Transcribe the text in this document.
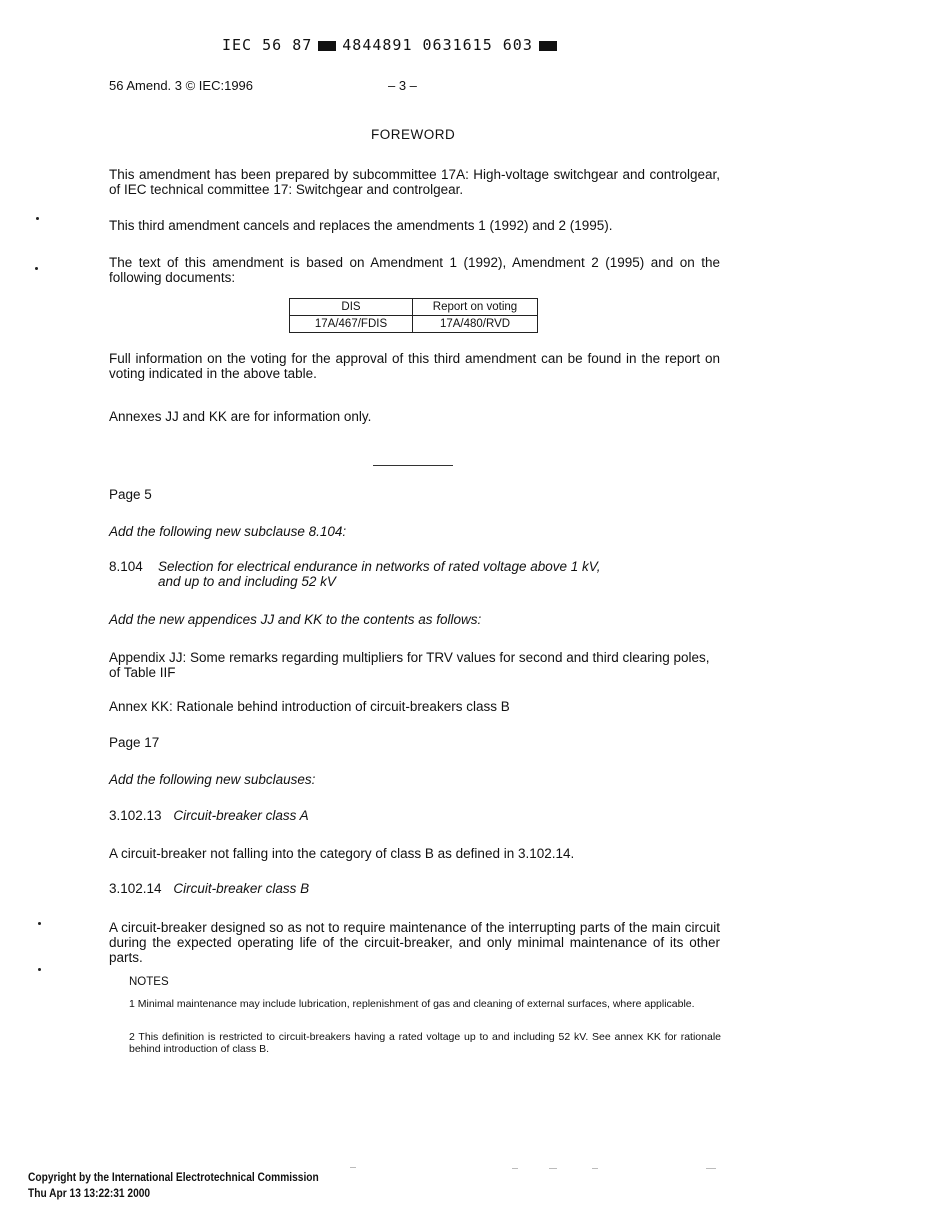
IEC 56 87 4844891 0631615 603
56 Amend. 3 © IEC:1996	– 3 –
FOREWORD
This amendment has been prepared by subcommittee 17A: High-voltage switchgear and controlgear, of IEC technical committee 17: Switchgear and controlgear.
This third amendment cancels and replaces the amendments 1 (1992) and 2 (1995).
The text of this amendment is based on Amendment 1 (1992), Amendment 2 (1995) and on the following documents:
DIS	Report on voting
17A/467/FDIS	17A/480/RVD
Full information on the voting for the approval of this third amendment can be found in the report on voting indicated in the above table.
Annexes JJ and KK are for information only.
Page 5
Add the following new subclause 8.104:
8.104 Selection for electrical endurance in networks of rated voltage above 1 kV,
and up to and including 52 kV
Add the new appendices JJ and KK to the contents as follows:
Appendix JJ: Some remarks regarding multipliers for TRV values for second and third clearing poles, of Table IIF
Annex KK: Rationale behind introduction of circuit-breakers class B
Page 17
Add the following new subclauses:
3.102.13 Circuit-breaker class A
A circuit-breaker not falling into the category of class B as defined in 3.102.14.
3.102.14 Circuit-breaker class B
A circuit-breaker designed so as not to require maintenance of the interrupting parts of the main circuit during the expected operating life of the circuit-breaker, and only minimal maintenance of its other parts.
NOTES
1 Minimal maintenance may include lubrication, replenishment of gas and cleaning of external surfaces, where applicable.
2 This definition is restricted to circuit-breakers having a rated voltage up to and including 52 kV. See annex KK for rationale behind introduction of class B.
Copyright by the International Electrotechnical Commission
Thu Apr 13 13:22:31 2000
